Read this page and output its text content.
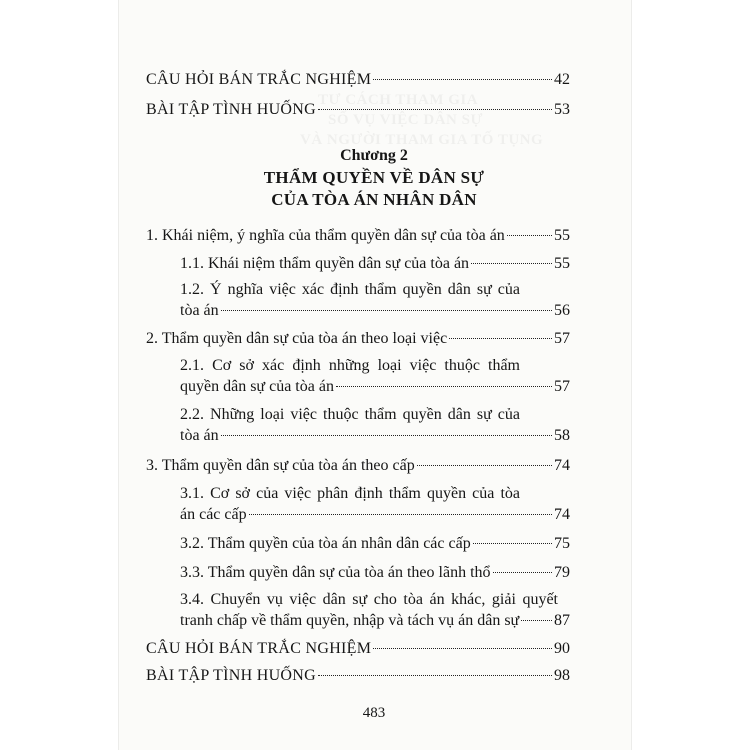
CÂU HỎI BÁN TRẮC NGHIỆM	42
BÀI TẬP TÌNH HUỐNG	53
Chương 2
THẨM QUYỀN VỀ DÂN SỰ
CỦA TÒA ÁN NHÂN DÂN
1. Khái niệm, ý nghĩa của thẩm quyền dân sự của tòa án	55
1.1. Khái niệm thẩm quyền dân sự của tòa án	55
1.2. Ý nghĩa việc xác định thẩm quyền dân sự của
tòa án	56
2. Thẩm quyền dân sự của tòa án theo loại việc	57
2.1. Cơ sở xác định những loại việc thuộc thẩm
quyền dân sự của tòa án	57
2.2. Những loại việc thuộc thẩm quyền dân sự của
tòa án	58
3. Thẩm quyền dân sự của tòa án theo cấp	74
3.1. Cơ sở của việc phân định thẩm quyền của tòa
án các cấp	74
3.2. Thẩm quyền của tòa án nhân dân các cấp	75
3.3. Thẩm quyền dân sự của tòa án theo lãnh thổ	79
3.4. Chuyển vụ việc dân sự cho tòa án khác, giải quyết
tranh chấp về thẩm quyền, nhập và tách vụ án dân sự 87
CÂU HỎI BÁN TRẮC NGHIỆM	90
BÀI TẬP TÌNH HUỐNG	98
483
